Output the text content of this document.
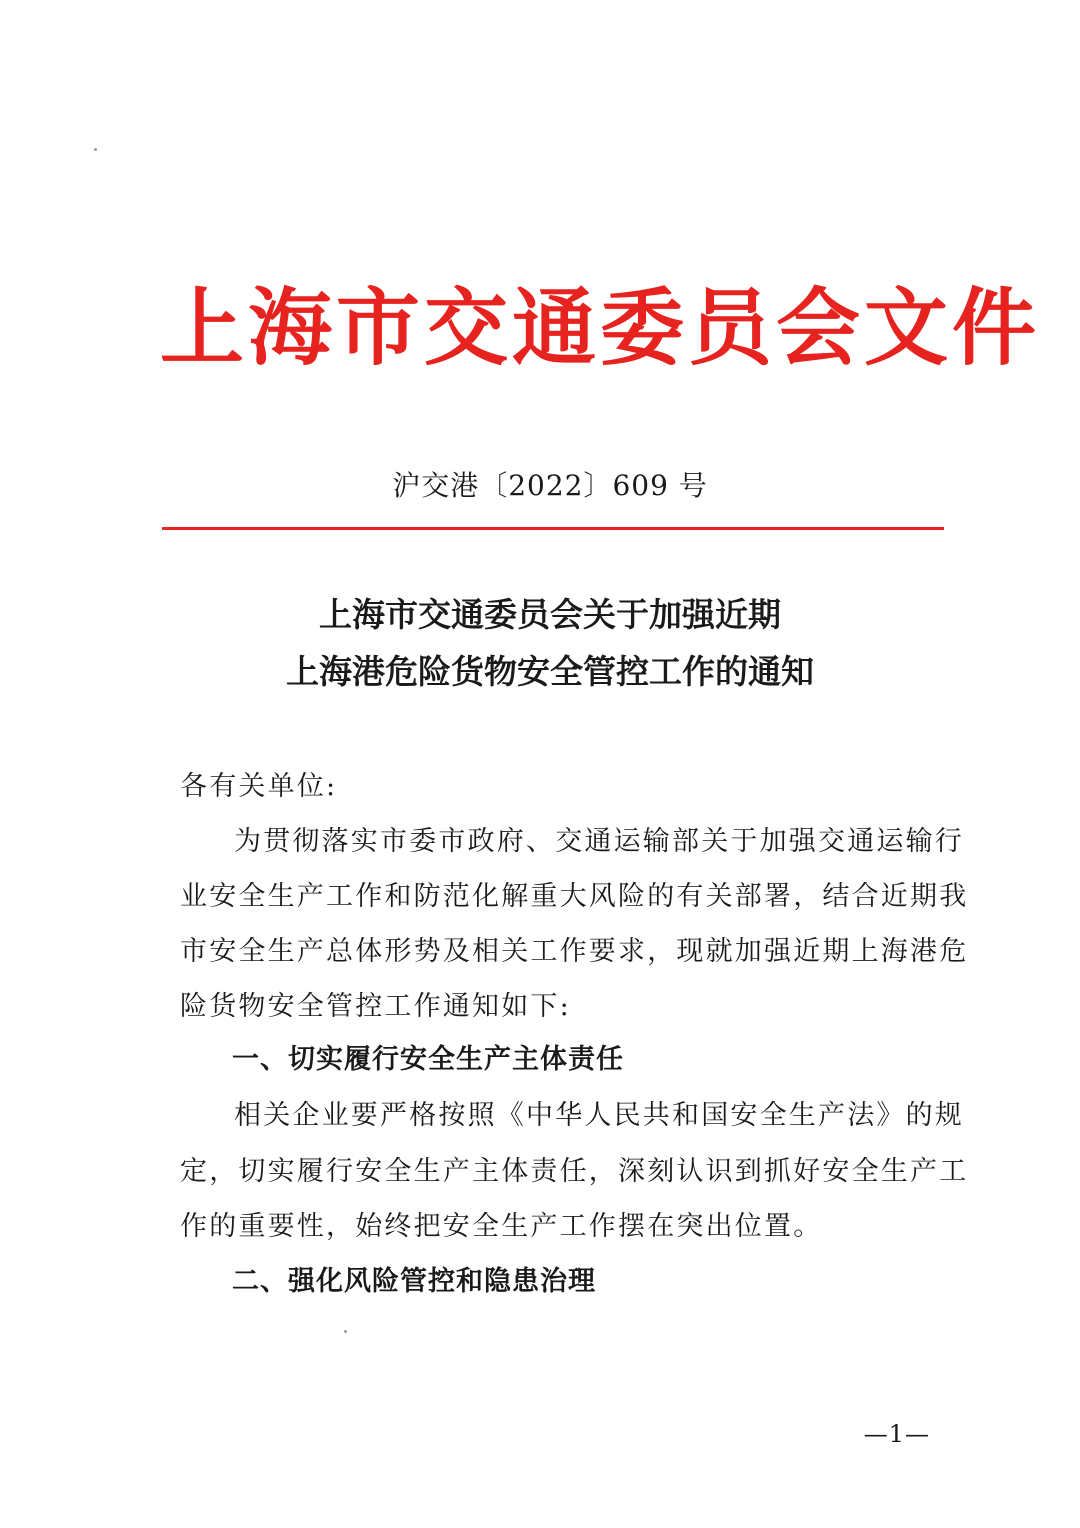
上海市交通委员会文件
沪交港〔2022〕609 号
上海市交通委员会关于加强近期
上海港危险货物安全管控工作的通知
各有关单位:
为贯彻落实市委市政府、交通运输部关于加强交通运输行
业安全生产工作和防范化解重大风险的有关部署，结合近期我
市安全生产总体形势及相关工作要求，现就加强近期上海港危
险货物安全管控工作通知如下:
一、切实履行安全生产主体责任
相关企业要严格按照《中华人民共和国安全生产法》的规
定，切实履行安全生产主体责任，深刻认识到抓好安全生产工
作的重要性，始终把安全生产工作摆在突出位置。
二、强化风险管控和隐患治理
—1—
